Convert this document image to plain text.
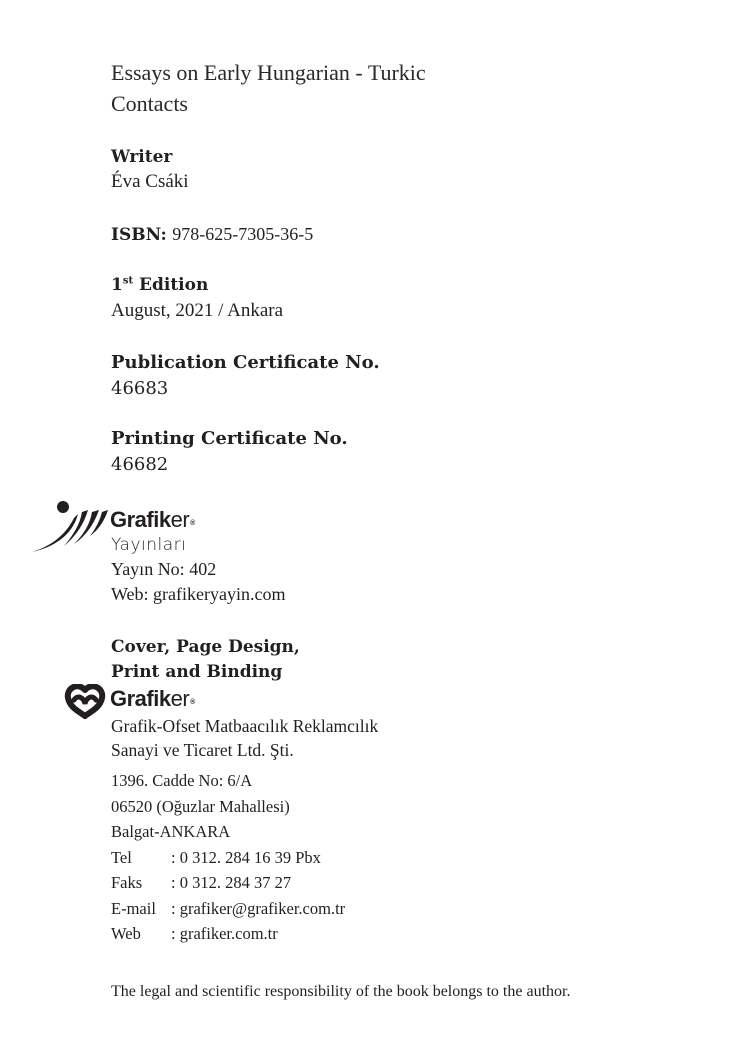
Essays on Early Hungarian - Turkic
Contacts
Writer
Éva Csáki
ISBN: 978-625-7305-36-5
1st Edition
August, 2021 / Ankara
Publication Certificate No.
46683
Printing Certificate No.
46682
Grafiker®
Yayınları
Yayın No: 402
Web: grafikeryayin.com
Cover, Page Design,
Print and Binding
Grafiker®
Grafik-Ofset Matbaacılık Reklamcılık
Sanayi ve Ticaret Ltd. Şti.
1396. Cadde No: 6/A
06520 (Oğuzlar Mahallesi)
Balgat-ANKARA
Tel : 0 312. 284 16 39 Pbx
Faks : 0 312. 284 37 27
E-mail : grafiker@grafiker.com.tr
Web : grafiker.com.tr
The legal and scientific responsibility of the book belongs to the author.
